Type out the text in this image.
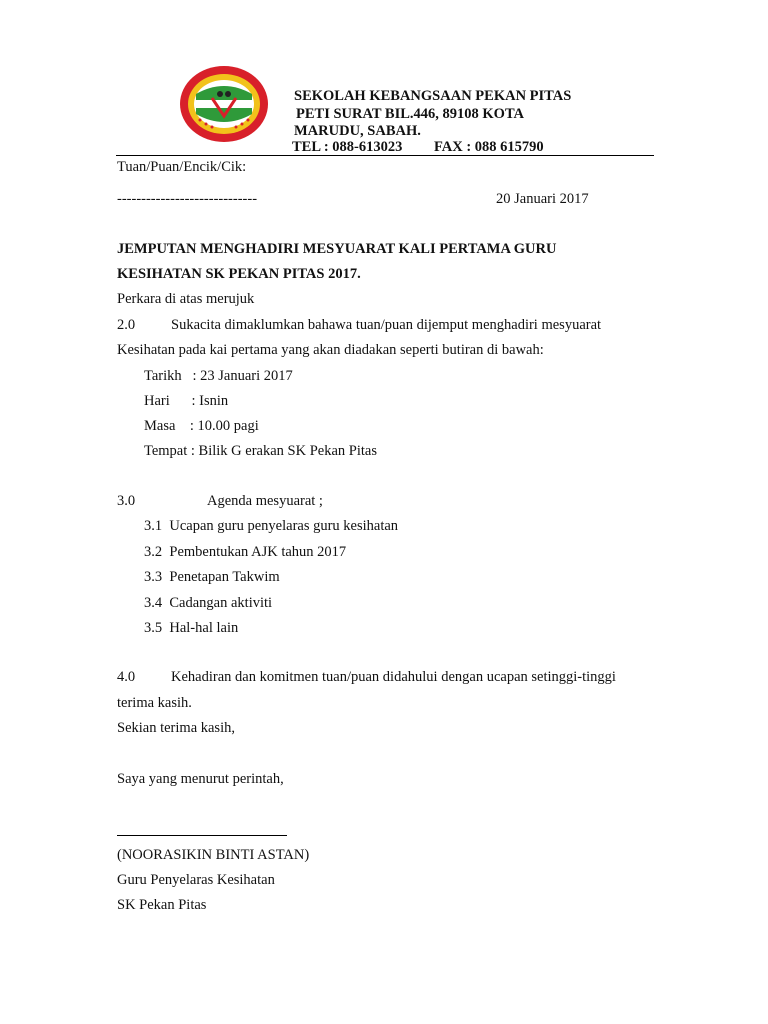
SEKOLAH KEBANGSAAN PEKAN PITAS
PETI SURAT BIL.446, 89108 KOTA
MARUDU, SABAH.
TEL : 088-613023 FAX : 088 615790
Tuan/Puan/Encik/Cik:
-----------------------------	20 Januari 2017
JEMPUTAN MENGHADIRI MESYUARAT KALI PERTAMA GURU
KESIHATAN SK PEKAN PITAS 2017.
Perkara di atas merujuk
2.0 Sukacita dimaklumkan bahawa tuan/puan dijemput menghadiri mesyuarat
Kesihatan pada kai pertama yang akan diadakan seperti butiran di bawah:
Tarikh   : 23 Januari 2017
Hari      : Isnin
Masa    : 10.00 pagi
Tempat : Bilik G erakan SK Pekan Pitas
3.0	Agenda mesyuarat ;
3.1  Ucapan guru penyelaras guru kesihatan
3.2  Pembentukan AJK tahun 2017
3.3  Penetapan Takwim
3.4  Cadangan aktiviti
3.5  Hal-hal lain
4.0 Kehadiran dan komitmen tuan/puan didahului dengan ucapan setinggi-tinggi
terima kasih.
Sekian terima kasih,
Saya yang menurut perintah,
(NOORASIKIN BINTI ASTAN)
Guru Penyelaras Kesihatan
SK Pekan Pitas
